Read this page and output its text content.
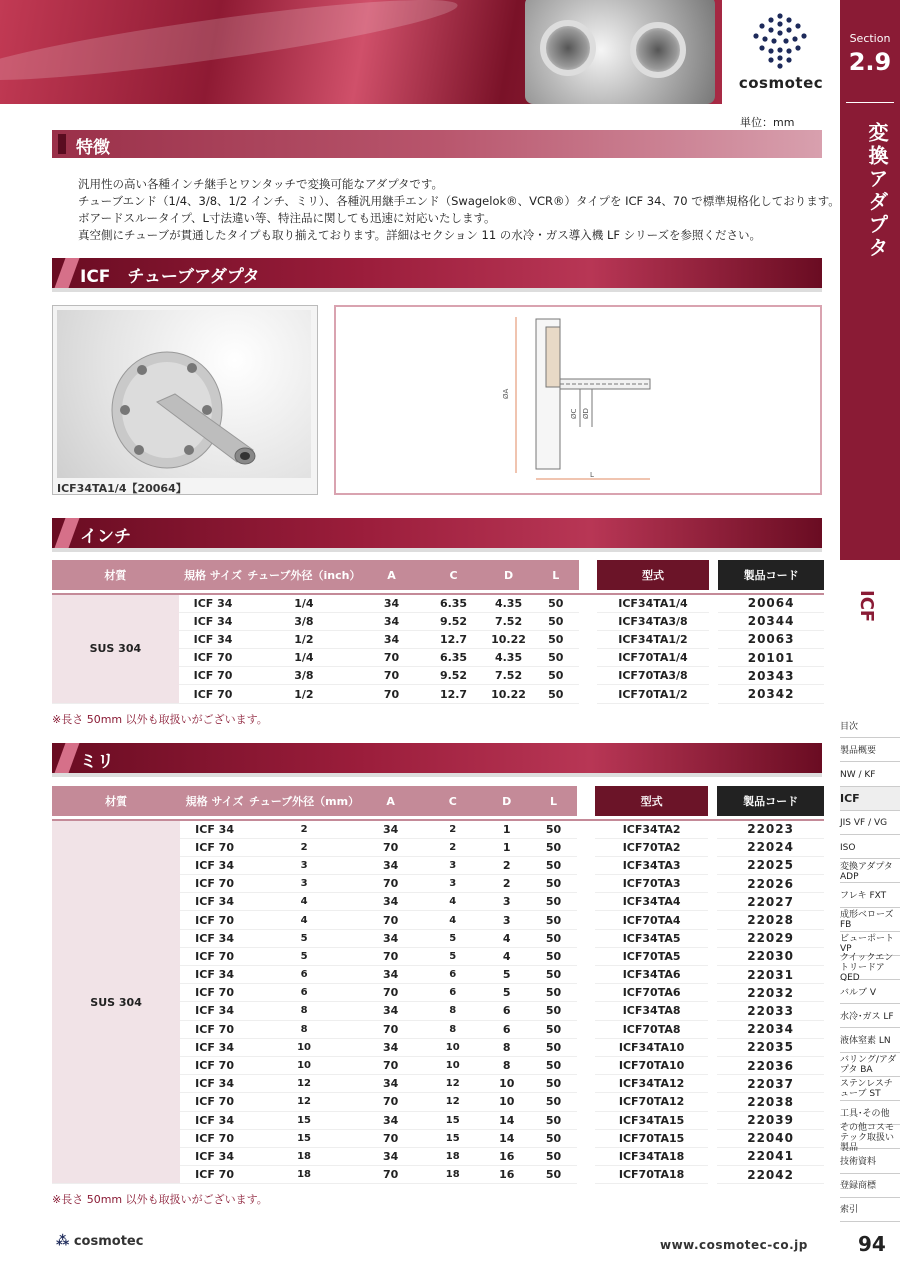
cosmotec
Section
2.9
変換アダプタ
ICF
目次
製品概要
NW / KF
ICF
JIS VF / VG
ISO
変換アダプタ ADP
フレキ FXT
成形ベローズ FB
ビューポート VP
クイックエントリードア QED
バルブ V
水冷･ガス LF
液体窒素 LN
バリング/アダプタ BA
ステンレスチューブ ST
工具･その他
その他コスモテック取扱い製品
技術資料
登録商標
索引
単位：mm
特徴
汎用性の高い各種インチ継手とワンタッチで変換可能なアダプタです。
チューブエンド（1/4、3/8、1/2 インチ、ミリ）、各種汎用継手エンド（Swagelok®、VCR®）タイプを ICF 34、70 で標準規格化しております。
ボアードスルータイプ、L寸法違い等、特注品に関しても迅速に対応いたします。
真空側にチューブが貫通したタイプも取り揃えております。詳細はセクション 11 の水冷・ガス導入機 LF シリーズを参照ください。
ICF　チューブアダプタ
ICF34TA1/4【20064】
ØA
ØC ØD
L
インチ
材質	規格 サイズ	チューブ外径（inch）	A	C	D	L		型式		製品コード

SUS 304	ICF 34	1/4	34	6.35	4.35	50		ICF34TA1/4		20064
	ICF 34	3/8	34	9.52	7.52	50		ICF34TA3/8		20344
	ICF 34	1/2	34	12.7	10.22	50		ICF34TA1/2		20063
	ICF 70	1/4	70	6.35	4.35	50		ICF70TA1/4		20101
	ICF 70	3/8	70	9.52	7.52	50		ICF70TA3/8		20343
	ICF 70	1/2	70	12.7	10.22	50		ICF70TA1/2		20342
※長さ 50mm 以外も取扱いがございます。
ミリ
材質	規格 サイズ	チューブ外径（mm）	A	C	D	L		型式		製品コード

SUS 304	ICF 34	2	34	2	1	50		ICF34TA2		22023
	ICF 70	2	70	2	1	50		ICF70TA2		22024
	ICF 34	3	34	3	2	50		ICF34TA3		22025
	ICF 70	3	70	3	2	50		ICF70TA3		22026
	ICF 34	4	34	4	3	50		ICF34TA4		22027
	ICF 70	4	70	4	3	50		ICF70TA4		22028
	ICF 34	5	34	5	4	50		ICF34TA5		22029
	ICF 70	5	70	5	4	50		ICF70TA5		22030
	ICF 34	6	34	6	5	50		ICF34TA6		22031
	ICF 70	6	70	6	5	50		ICF70TA6		22032
	ICF 34	8	34	8	6	50		ICF34TA8		22033
	ICF 70	8	70	8	6	50		ICF70TA8		22034
	ICF 34	10	34	10	8	50		ICF34TA10		22035
	ICF 70	10	70	10	8	50		ICF70TA10		22036
	ICF 34	12	34	12	10	50		ICF34TA12		22037
	ICF 70	12	70	12	10	50		ICF70TA12		22038
	ICF 34	15	34	15	14	50		ICF34TA15		22039
	ICF 70	15	70	15	14	50		ICF70TA15		22040
	ICF 34	18	34	18	16	50		ICF34TA18		22041
	ICF 70	18	70	18	16	50		ICF70TA18		22042
※長さ 50mm 以外も取扱いがございます。
⁂ cosmotec	www.cosmotec-co.jp	94
